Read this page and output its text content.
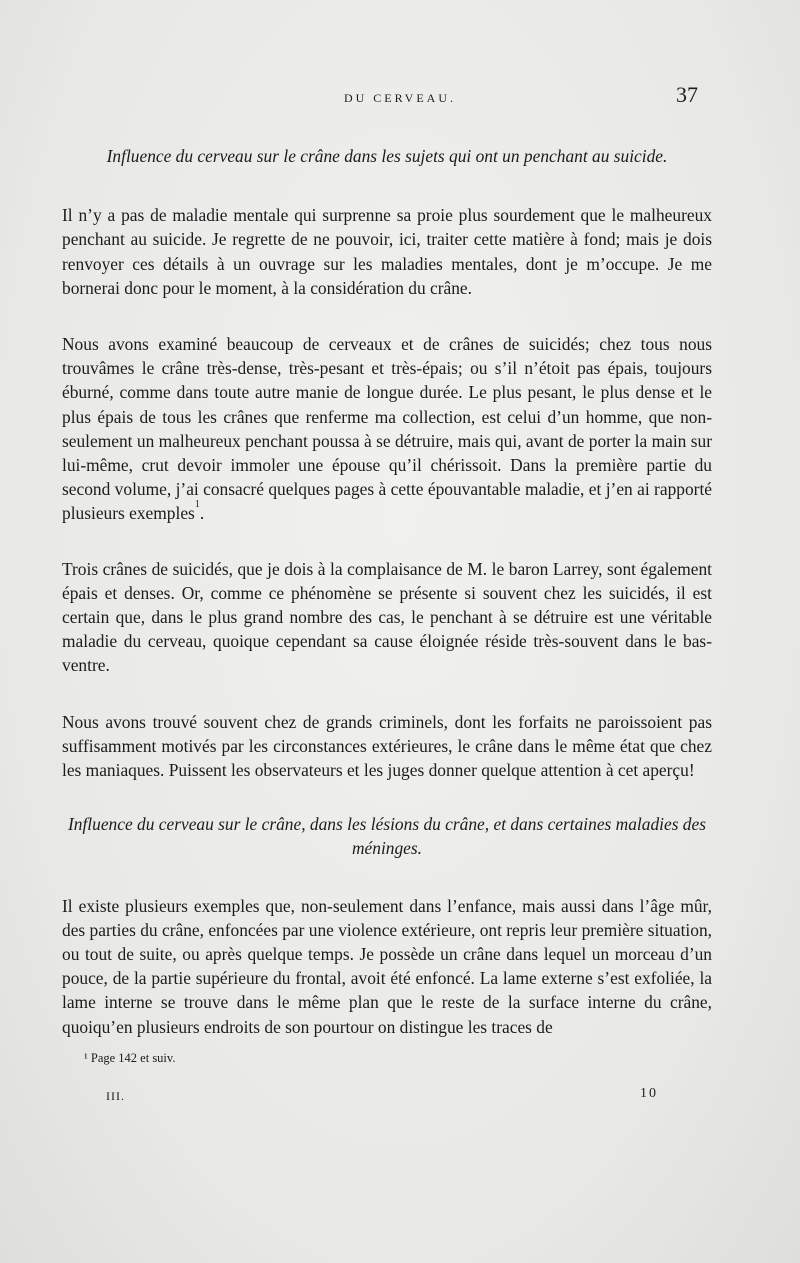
DU CERVEAU.	37

Influence du cerveau sur le crâne dans les sujets qui ont un penchant au suicide.

Il n’y a pas de maladie mentale qui surprenne sa proie plus sourdement que le malheureux penchant au suicide. Je regrette de ne pouvoir, ici, traiter cette matière à fond; mais je dois renvoyer ces détails à un ouvrage sur les maladies mentales, dont je m’occupe. Je me bornerai donc pour le moment, à la considération du crâne.

Nous avons examiné beaucoup de cerveaux et de crânes de suicidés; chez tous nous trouvâmes le crâne très-dense, très-pesant et très-épais; ou s’il n’étoit pas épais, toujours éburné, comme dans toute autre manie de longue durée. Le plus pesant, le plus dense et le plus épais de tous les crânes que renferme ma collection, est celui d’un homme, que non-seulement un malheureux penchant poussa à se détruire, mais qui, avant de porter la main sur lui-même, crut devoir immoler une épouse qu’il chérissoit. Dans la première partie du second volume, j’ai consacré quelques pages à cette épouvantable maladie, et j’en ai rapporté plusieurs exemples$^1$.

Trois crânes de suicidés, que je dois à la complaisance de M. le baron Larrey, sont également épais et denses. Or, comme ce phénomène se présente si souvent chez les suicidés, il est certain que, dans le plus grand nombre des cas, le penchant à se détruire est une véritable maladie du cerveau, quoique cependant sa cause éloignée réside très-souvent dans le bas-ventre.

Nous avons trouvé souvent chez de grands criminels, dont les forfaits ne paroissoient pas suffisamment motivés par les circonstances extérieures, le crâne dans le même état que chez les maniaques. Puissent les observateurs et les juges donner quelque attention à cet aperçu!

Influence du cerveau sur le crâne, dans les lésions du crâne, et dans certaines maladies des méninges.

Il existe plusieurs exemples que, non-seulement dans l’enfance, mais aussi dans l’âge mûr, des parties du crâne, enfoncées par une violence extérieure, ont repris leur première situation, ou tout de suite, ou après quelque temps. Je possède un crâne dans lequel un morceau d’un pouce, de la partie supérieure du frontal, avoit été enfoncé. La lame externe s’est exfoliée, la lame interne se trouve dans le même plan que le reste de la surface interne du crâne, quoiqu’en plusieurs endroits de son pourtour on distingue les traces de

¹ Page 142 et suiv.
III.	10
